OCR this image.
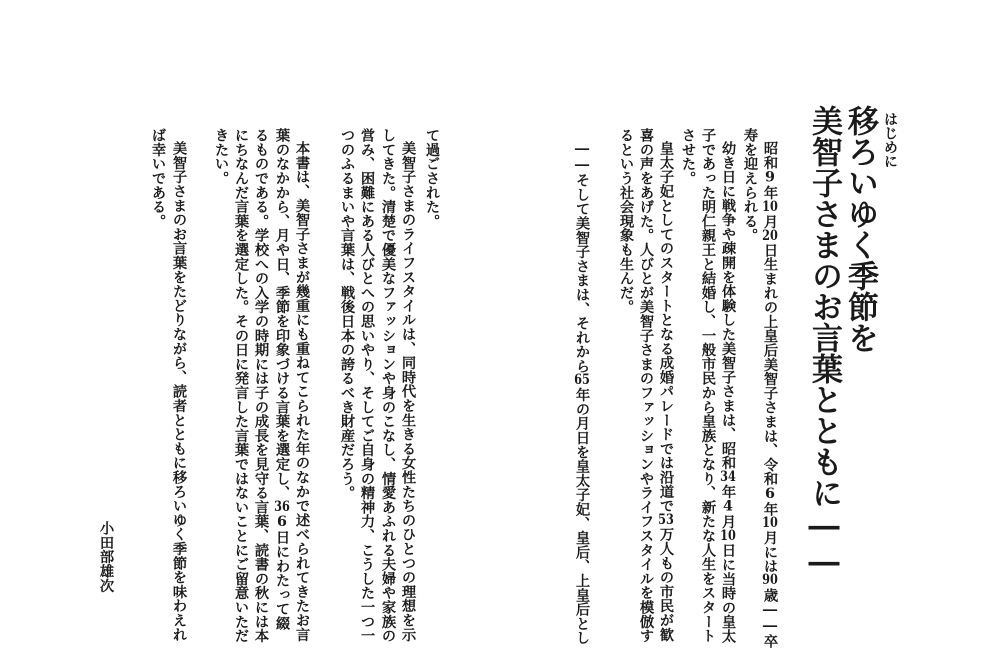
はじめに
移ろいゆく季節を
美智子さまのお言葉とともに――
昭和9年10月20日生まれの上皇后美智子さまは、令和6年10月には90歳――卒
寿を迎えられる。
幼き日に戦争や疎開を体験した美智子さまは、昭和34年4月10日に当時の皇太
子であった明仁親王と結婚し、一般市民から皇族となり、新たな人生をスタート
させた。
皇太子妃としてのスタートとなる成婚パレードでは沿道で53万人もの市民が歓
喜の声をあげた。人びとが美智子さまのファッションやライフスタイルを模倣す
るという社会現象も生んだ。
――そして美智子さまは、それから65年の月日を皇太子妃、皇后、上皇后とし
て過ごされた。
美智子さまのライフスタイルは、同時代を生きる女性たちのひとつの理想を示
してきた。清楚で優美なファッションや身のこなし、情愛あふれる夫婦や家族の
営み、困難にある人びとへの思いやり、そしてご自身の精神力、こうした一つ一
つのふるまいや言葉は、戦後日本の誇るべき財産だろう。
本書は、美智子さまが幾重にも重ねてこられた年のなかで述べられてきたお言
葉のなかから、月や日、季節を印象づける言葉を選定し、366日にわたって綴
るものである。学校への入学の時期には子の成長を見守る言葉、読書の秋には本
にちなんだ言葉を選定した。その日に発言した言葉ではないことにご留意いただ
きたい。
美智子さまのお言葉をたどりながら、読者とともに移ろいゆく季節を味わえれ
ば幸いである。
小田部雄次
